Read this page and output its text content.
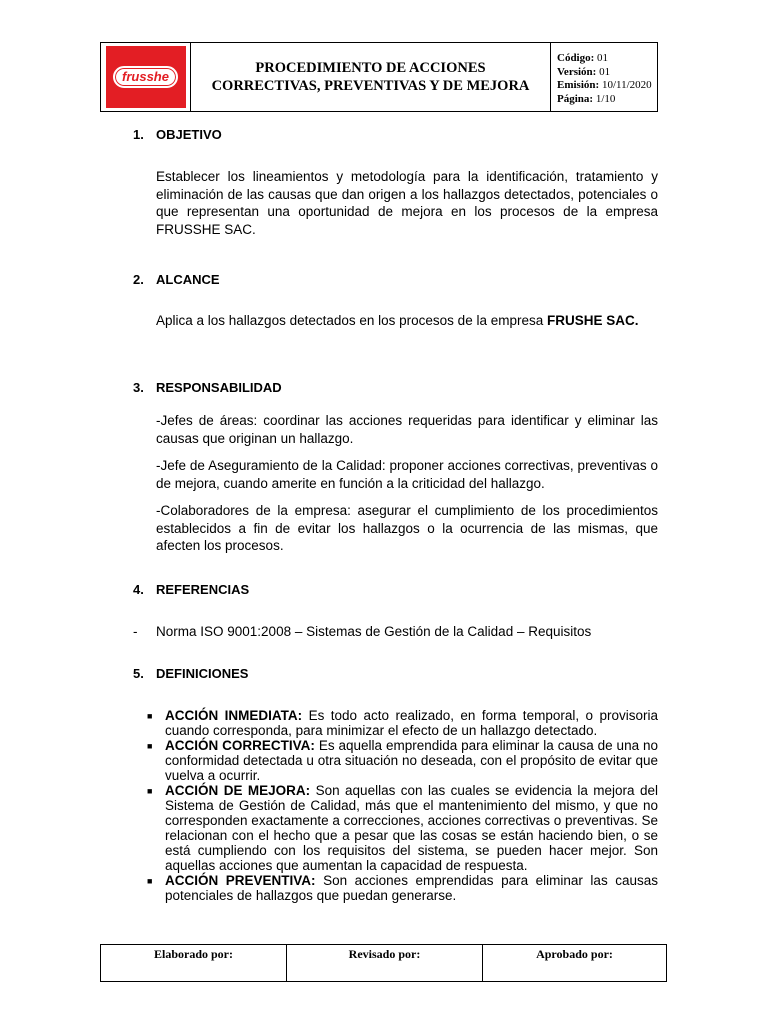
frusshe
PROCEDIMIENTO DE ACCIONES
CORRECTIVAS, PREVENTIVAS Y DE MEJORA
Código: 01
Versión: 01
Emisión: 10/11/2020
Página: 1/10
1. OBJETIVO
Establecer los lineamientos y metodología para la identificación, tratamiento y eliminación de las causas que dan origen a los hallazgos detectados, potenciales o que representan una oportunidad de mejora en los procesos de la empresa FRUSSHE SAC.
2. ALCANCE
Aplica a los hallazgos detectados en los procesos de la empresa FRUSHE SAC.
3. RESPONSABILIDAD
-Jefes de áreas: coordinar las acciones requeridas para identificar y eliminar las causas que originan un hallazgo.
-Jefe de Aseguramiento de la Calidad: proponer acciones correctivas, preventivas o de mejora, cuando amerite en función a la criticidad del hallazgo.
-Colaboradores de la empresa: asegurar el cumplimiento de los procedimientos establecidos a fin de evitar los hallazgos o la ocurrencia de las mismas, que afecten los procesos.
4. REFERENCIAS
- Norma ISO 9001:2008 – Sistemas de Gestión de la Calidad – Requisitos
5. DEFINICIONES
■ ACCIÓN INMEDIATA: Es todo acto realizado, en forma temporal, o provisoria cuando corresponda, para minimizar el efecto de un hallazgo detectado.
■ ACCIÓN CORRECTIVA: Es aquella emprendida para eliminar la causa de una no conformidad detectada u otra situación no deseada, con el propósito de evitar que vuelva a ocurrir.
■ ACCIÓN DE MEJORA: Son aquellas con las cuales se evidencia la mejora del Sistema de Gestión de Calidad, más que el mantenimiento del mismo, y que no corresponden exactamente a correcciones, acciones correctivas o preventivas. Se relacionan con el hecho que a pesar que las cosas se están haciendo bien, o se está cumpliendo con los requisitos del sistema, se pueden hacer mejor. Son aquellas acciones que aumentan la capacidad de respuesta.
■ ACCIÓN PREVENTIVA: Son acciones emprendidas para eliminar las causas potenciales de hallazgos que puedan generarse.
Elaborado por:	Revisado por:	Aprobado por:
